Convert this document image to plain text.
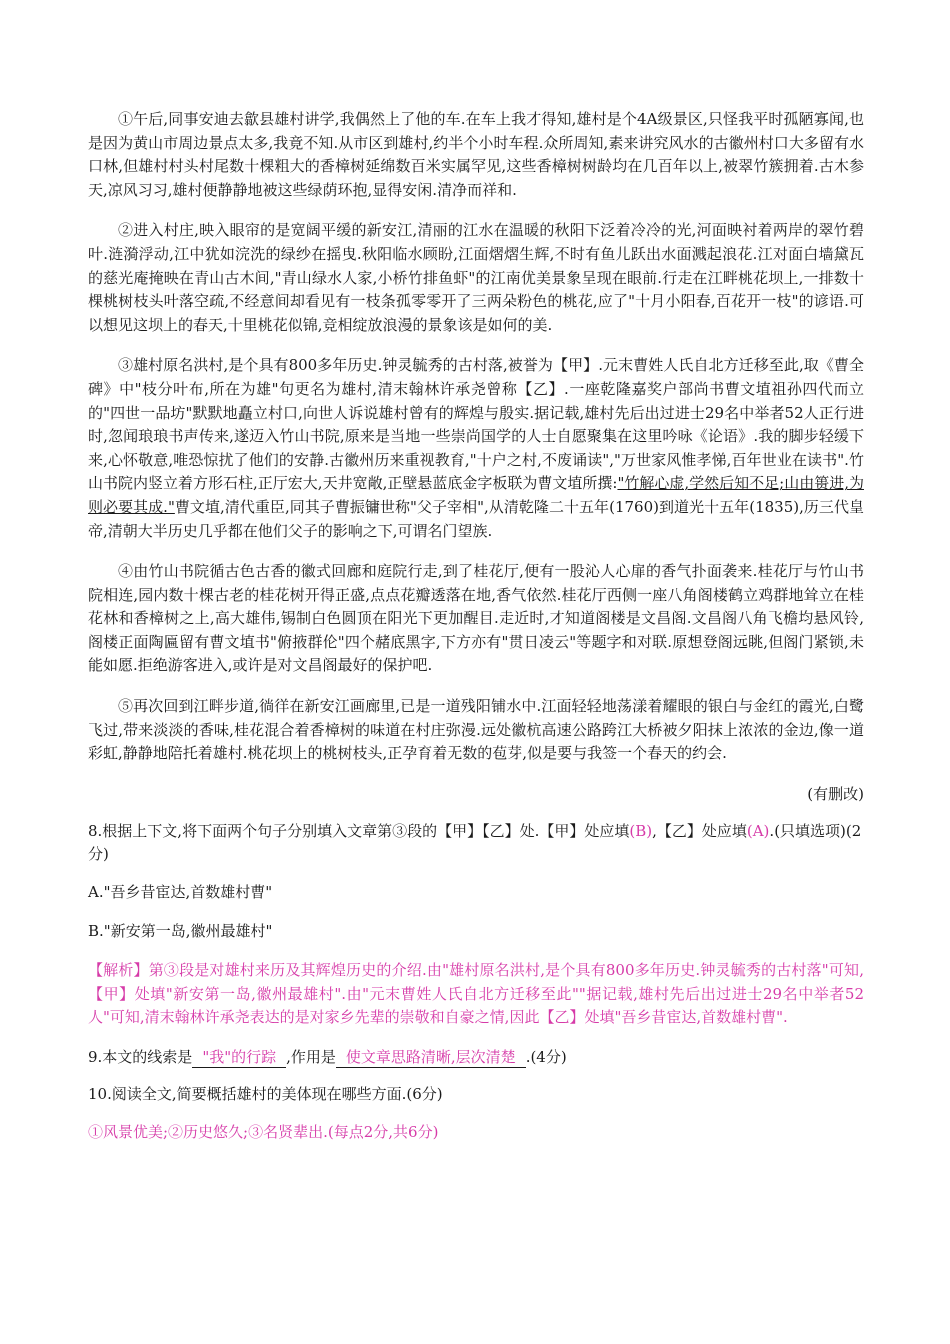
①午后,同事安迪去歙县雄村讲学,我偶然上了他的车.在车上我才得知,雄村是个4A级景区,只怪我平时孤陋寡闻,也是因为黄山市周边景点太多,我竟不知.从市区到雄村,约半个小时车程.众所周知,素来讲究风水的古徽州村口大多留有水口林,但雄村村头村尾数十棵粗大的香樟树延绵数百米实属罕见,这些香樟树树龄均在几百年以上,被翠竹簇拥着.古木参天,凉风习习,雄村便静静地被这些绿荫环抱,显得安闲.清净而祥和.

②进入村庄,映入眼帘的是宽阔平缓的新安江,清丽的江水在温暖的秋阳下泛着冷冷的光,河面映衬着两岸的翠竹碧叶.涟漪浮动,江中犹如浣洗的绿纱在摇曳.秋阳临水顾盼,江面熠熠生辉,不时有鱼儿跃出水面溅起浪花.江对面白墙黛瓦的慈光庵掩映在青山古木间,"青山绿水人家,小桥竹排鱼虾"的江南优美景象呈现在眼前.行走在江畔桃花坝上,一排数十棵桃树枝头叶落空疏,不经意间却看见有一枝条孤零零开了三两朵粉色的桃花,应了"十月小阳春,百花开一枝"的谚语.可以想见这坝上的春天,十里桃花似锦,竞相绽放浪漫的景象该是如何的美.

③雄村原名洪村,是个具有800多年历史.钟灵毓秀的古村落,被誉为【甲】.元末曹姓人氏自北方迁移至此,取《曹全碑》中"枝分叶布,所在为雄"句更名为雄村,清末翰林许承尧曾称【乙】.一座乾隆嘉奖户部尚书曹文埴祖孙四代而立的"四世一品坊"默默地矗立村口,向世人诉说雄村曾有的辉煌与殷实.据记载,雄村先后出过进士29名中举者52人正行进时,忽闻琅琅书声传来,遂迈入竹山书院,原来是当地一些崇尚国学的人士自愿聚集在这里吟咏《论语》.我的脚步轻缓下来,心怀敬意,唯恐惊扰了他们的安静.古徽州历来重视教育,"十户之村,不废诵读","万世家风惟孝悌,百年世业在读书".竹山书院内竖立着方形石柱,正厅宏大,天井宽敞,正壁悬蓝底金字板联为曹文埴所撰:"竹解心虚,学然后知不足;山由篑进,为则必要其成."曹文埴,清代重臣,同其子曹振镛世称"父子宰相",从清乾隆二十五年(1760)到道光十五年(1835),历三代皇帝,清朝大半历史几乎都在他们父子的影响之下,可谓名门望族.

④由竹山书院循古色古香的徽式回廊和庭院行走,到了桂花厅,便有一股沁人心扉的香气扑面袭来.桂花厅与竹山书院相连,园内数十棵古老的桂花树开得正盛,点点花瓣透落在地,香气依然.桂花厅西侧一座八角阁楼鹤立鸡群地耸立在桂花林和香樟树之上,高大雄伟,锡制白色圆顶在阳光下更加醒目.走近时,才知道阁楼是文昌阁.文昌阁八角飞檐均悬风铃,阁楼正面陶匾留有曹文埴书"俯掖群伦"四个赭底黑字,下方亦有"贯日凌云"等题字和对联.原想登阁远眺,但阁门紧锁,未能如愿.拒绝游客进入,或许是对文昌阁最好的保护吧.

⑤再次回到江畔步道,徜徉在新安江画廊里,已是一道残阳铺水中.江面轻轻地荡漾着耀眼的银白与金红的霞光,白鹭飞过,带来淡淡的香味,桂花混合着香樟树的味道在村庄弥漫.远处徽杭高速公路跨江大桥被夕阳抹上浓浓的金边,像一道彩虹,静静地陪托着雄村.桃花坝上的桃树枝头,正孕育着无数的苞芽,似是要与我签一个春天的约会.

(有删改)

8.根据上下文,将下面两个句子分别填入文章第③段的【甲】【乙】处.【甲】处应填(B),【乙】处应填(A).(只填选项)(2分)

A."吾乡昔宦达,首数雄村曹"

B."新安第一岛,徽州最雄村"

【解析】第③段是对雄村来历及其辉煌历史的介绍.由"雄村原名洪村,是个具有800多年历史.钟灵毓秀的古村落"可知,【甲】处填"新安第一岛,徽州最雄村".由"元末曹姓人氏自北方迁移至此""据记载,雄村先后出过进士29名中举者52人"可知,清末翰林许承尧表达的是对家乡先辈的崇敬和自豪之情,因此【乙】处填"吾乡昔宦达,首数雄村曹".

9.本文的线索是 "我"的行踪 ,作用是 使文章思路清晰,层次清楚 .(4分)

10.阅读全文,简要概括雄村的美体现在哪些方面.(6分)

①风景优美;②历史悠久;③名贤辈出.(每点2分,共6分)
